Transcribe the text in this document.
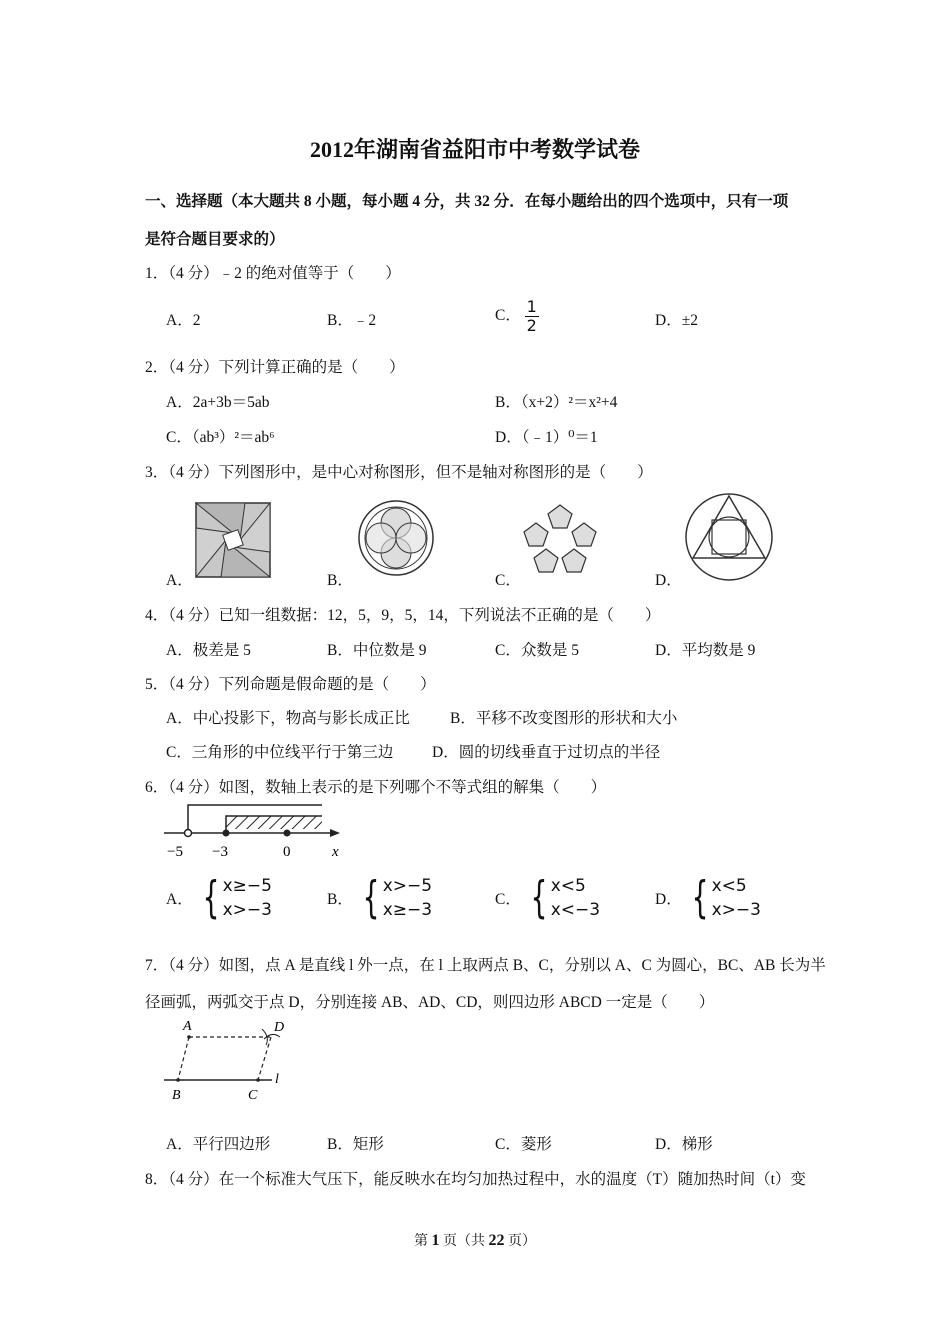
2012年湖南省益阳市中考数学试卷
一、选择题（本大题共 8 小题，每小题 4 分，共 32 分．在每小题给出的四个选项中，只有一项
是符合题目要求的）
1．（4 分）﹣2 的绝对值等于（　　）
A．2	B．﹣2	C． $\frac{1}{2}$	D．±2
2．（4 分）下列计算正确的是（　　）
A．2a+3b＝5ab	B．（x+2）²＝x²+4
C．（ab³）²＝ab⁶	D．（﹣1）⁰＝1
3．（4 分）下列图形中，是中心对称图形，但不是轴对称图形的是（　　）
A．	B．	C．	D．
4．（4 分）已知一组数据：12，5，9，5，14，下列说法不正确的是（　　）
A．极差是 5	B．中位数是 9	C．众数是 5	D．平均数是 9
5．（4 分）下列命题是假命题的是（　　）
A．中心投影下，物高与影长成正比	B．平移不改变图形的形状和大小
C．三角形的中位线平行于第三边 D．圆的切线垂直于过切点的半径
6．（4 分）如图，数轴上表示的是下列哪个不等式组的解集（　　）
−5 −3	0	x
A． { x≥−5
x>−3
B． { x>−5
x≥−3
C． { x<5
x<−3
D． { x<5
x>−3
7．（4 分）如图，点 A 是直线 l 外一点，在 l 上取两点 B、C，分别以 A、C 为圆心，BC、AB 长为半
径画弧，两弧交于点 D，分别连接 AB、AD、CD，则四边形 ABCD 一定是（　　）
A	D
B	C
l
A．平行四边形	B．矩形	C．菱形	D．梯形
8．（4 分）在一个标准大气压下，能反映水在均匀加热过程中，水的温度（T）随加热时间（t）变
第 1 页（共 22 页）
